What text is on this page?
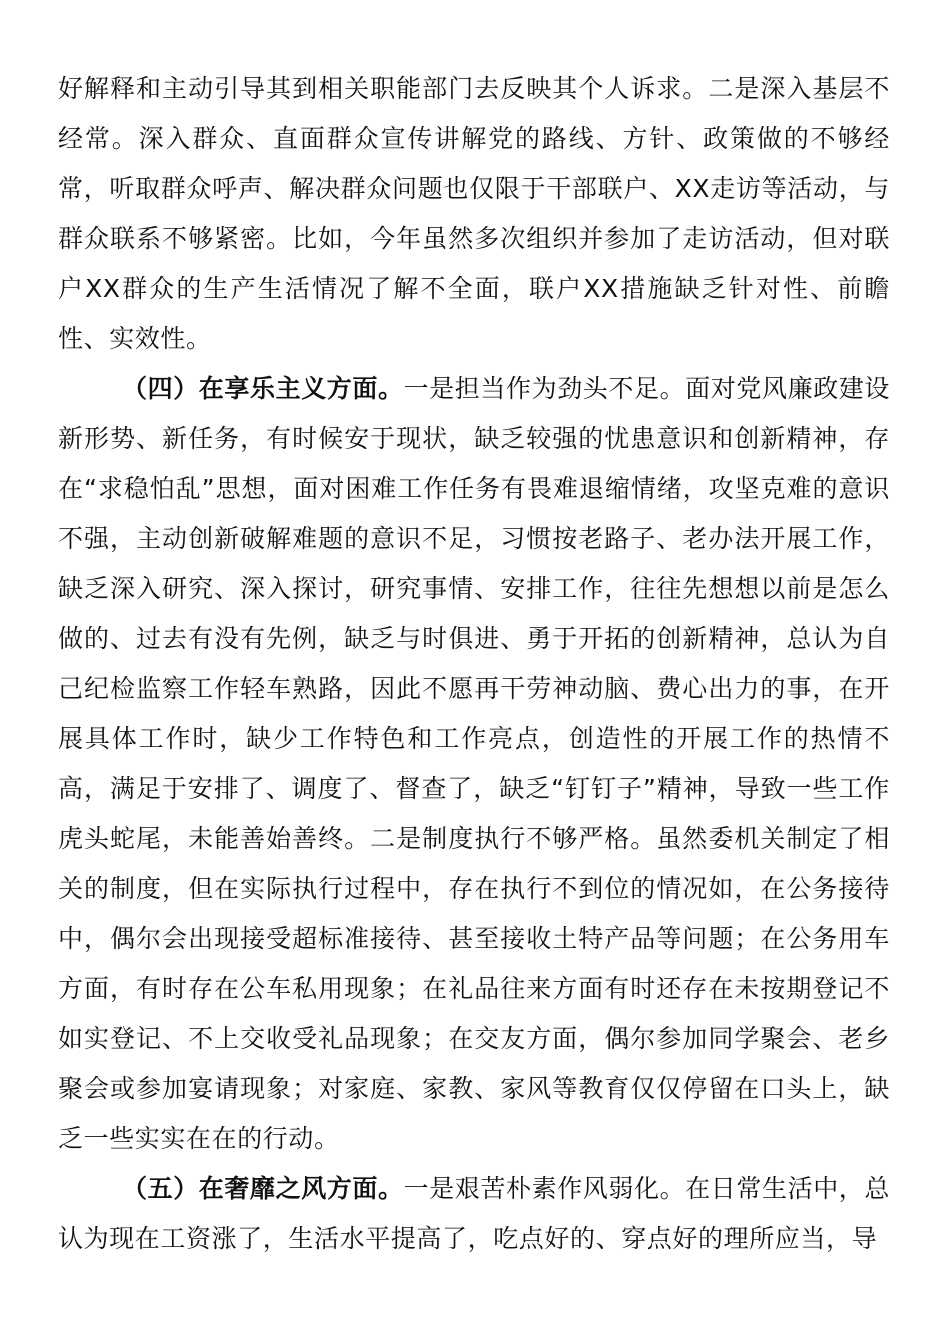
好解释和主动引导其到相关职能部门去反映其个人诉求。二是深入基层不经常。深入群众、直面群众宣传讲解党的路线、方针、政策做的不够经常，听取群众呼声、解决群众问题也仅限于干部联户、XX走访等活动，与群众联系不够紧密。比如，今年虽然多次组织并参加了走访活动，但对联户XX群众的生产生活情况了解不全面，联户XX措施缺乏针对性、前瞻性、实效性。

（四）在享乐主义方面。一是担当作为劲头不足。面对党风廉政建设新形势、新任务，有时候安于现状，缺乏较强的忧患意识和创新精神，存在“求稳怕乱”思想，面对困难工作任务有畏难退缩情绪，攻坚克难的意识不强，主动创新破解难题的意识不足，习惯按老路子、老办法开展工作，缺乏深入研究、深入探讨，研究事情、安排工作，往往先想想以前是怎么做的、过去有没有先例，缺乏与时俱进、勇于开拓的创新精神，总认为自己纪检监察工作轻车熟路，因此不愿再干劳神动脑、费心出力的事，在开展具体工作时，缺少工作特色和工作亮点，创造性的开展工作的热情不高，满足于安排了、调度了、督查了，缺乏“钉钉子”精神，导致一些工作虎头蛇尾，未能善始善终。二是制度执行不够严格。虽然委机关制定了相关的制度，但在实际执行过程中，存在执行不到位的情况如，在公务接待中，偶尔会出现接受超标准接待、甚至接收土特产品等问题；在公务用车方面，有时存在公车私用现象；在礼品往来方面有时还存在未按期登记不如实登记、不上交收受礼品现象；在交友方面，偶尔参加同学聚会、老乡聚会或参加宴请现象；对家庭、家教、家风等教育仅仅停留在口头上，缺乏一些实实在在的行动。

（五）在奢靡之风方面。一是艰苦朴素作风弱化。在日常生活中，总认为现在工资涨了，生活水平提高了，吃点好的、穿点好的理所应当，导
